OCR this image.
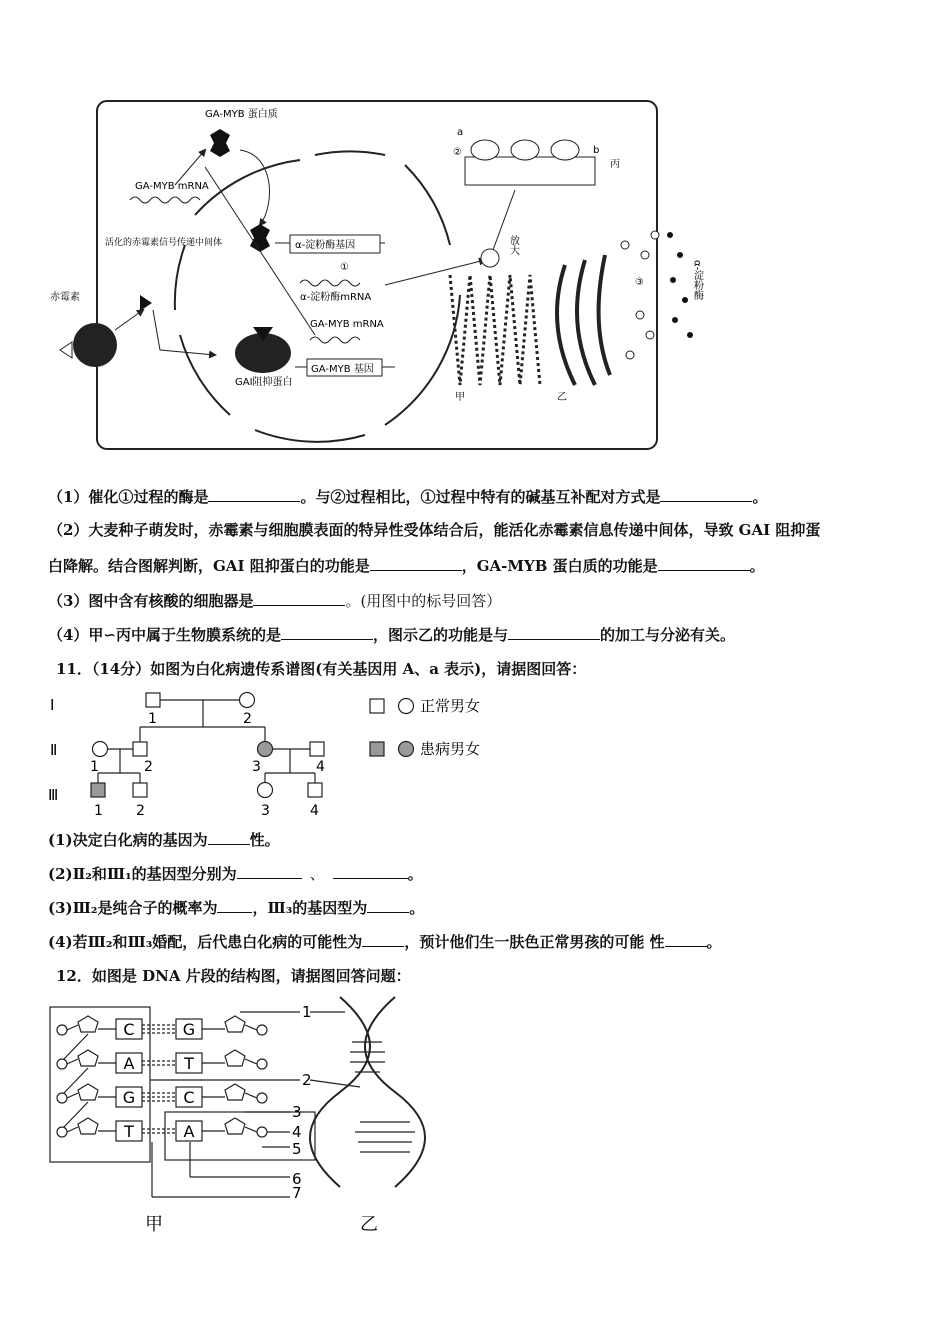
GA-MYB 蛋白质
GA-MYB mRNA
α-淀粉酶基因
①
α-淀粉酶mRNA
活化的赤霉素信号传递中间体
赤霉素
GAI阻抑蛋白
GA-MYB mRNA
GA-MYB 基因
甲	乙
③	α-淀粉酶
放大
a
②	b
丙
（1）催化①过程的酶是	。与②过程相比，①过程中特有的碱基互补配对方式是	。
（2）大麦种子萌发时，赤霉素与细胞膜表面的特异性受体结合后，能活化赤霉素信息传递中间体，导致 GAI 阻抑蛋
白降解。结合图解判断，GAI 阻抑蛋白的功能是	，GA-MYB 蛋白质的功能是	。
（3）图中含有核酸的细胞器是	。(用图中的标号回答）
（4）甲∽丙中属于生物膜系统的是	，图示乙的功能是与	的加工与分泌有关。
11．（14分）如图为白化病遗传系谱图(有关基因用 A、a 表示)，请据图回答：
Ⅰ
Ⅱ
Ⅲ
1	2
1	2	3	4
1 2	3	4
正常男女
患病男女
(1)决定白化病的基因为	性。
(2)Ⅱ₂和Ⅲ₁的基因型分别为	、	。
(3)Ⅲ₂是纯合子的概率为 ，Ⅲ₃的基因型为	。
(4)若Ⅲ₂和Ⅲ₃婚配，后代患白化病的可能性为	，预计他们生一肤色正常男孩的可能 性	。
12．如图是 DNA 片段的结构图，请据图回答问题：
C	G
A	T
G	C
T	A
1
2
3
4
5
6
7
甲	乙
